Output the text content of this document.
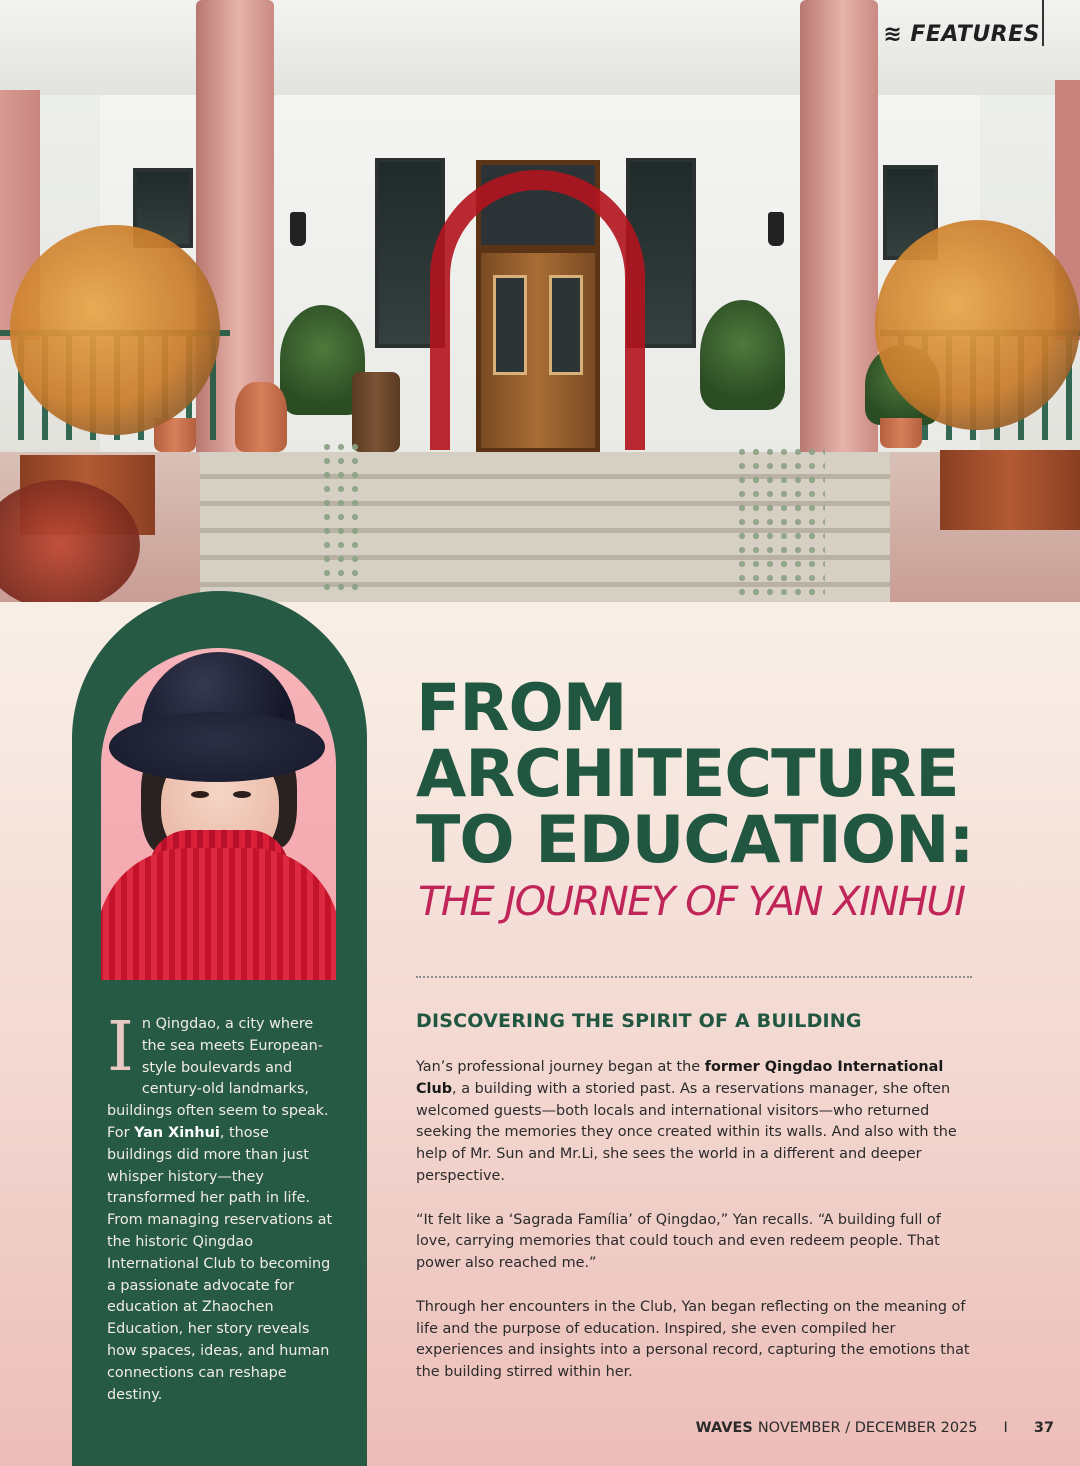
≋ FEATURES
I n Qingdao, a city where the sea meets European-style boulevards and century-old landmarks, buildings often seem to speak. For Yan Xinhui, those buildings did more than just whisper history—they transformed her path in life. From managing reservations at the historic Qingdao International Club to becoming a passionate advocate for education at Zhaochen Education, her story reveals how spaces, ideas, and human connections can reshape destiny.

FROM
ARCHITECTURE
TO EDUCATION:
THE JOURNEY OF YAN XINHUI
DISCOVERING THE SPIRIT OF A BUILDING

Yan’s professional journey began at the former Qingdao International Club, a building with a storied past. As a reservations manager, she often welcomed guests—both locals and international visitors—who returned seeking the memories they once created within its walls. And also with the help of Mr. Sun and Mr.Li, she sees the world in a different and deeper perspective.

“It felt like a ‘Sagrada Família’ of Qingdao,” Yan recalls. “A building full of love, carrying memories that could touch and even redeem people. That power also reached me.”

Through her encounters in the Club, Yan began reflecting on the meaning of life and the purpose of education. Inspired, she even compiled her experiences and insights into a personal record, capturing the emotions that the building stirred within her.

WAVES NOVEMBER / DECEMBER 2025 I 37
